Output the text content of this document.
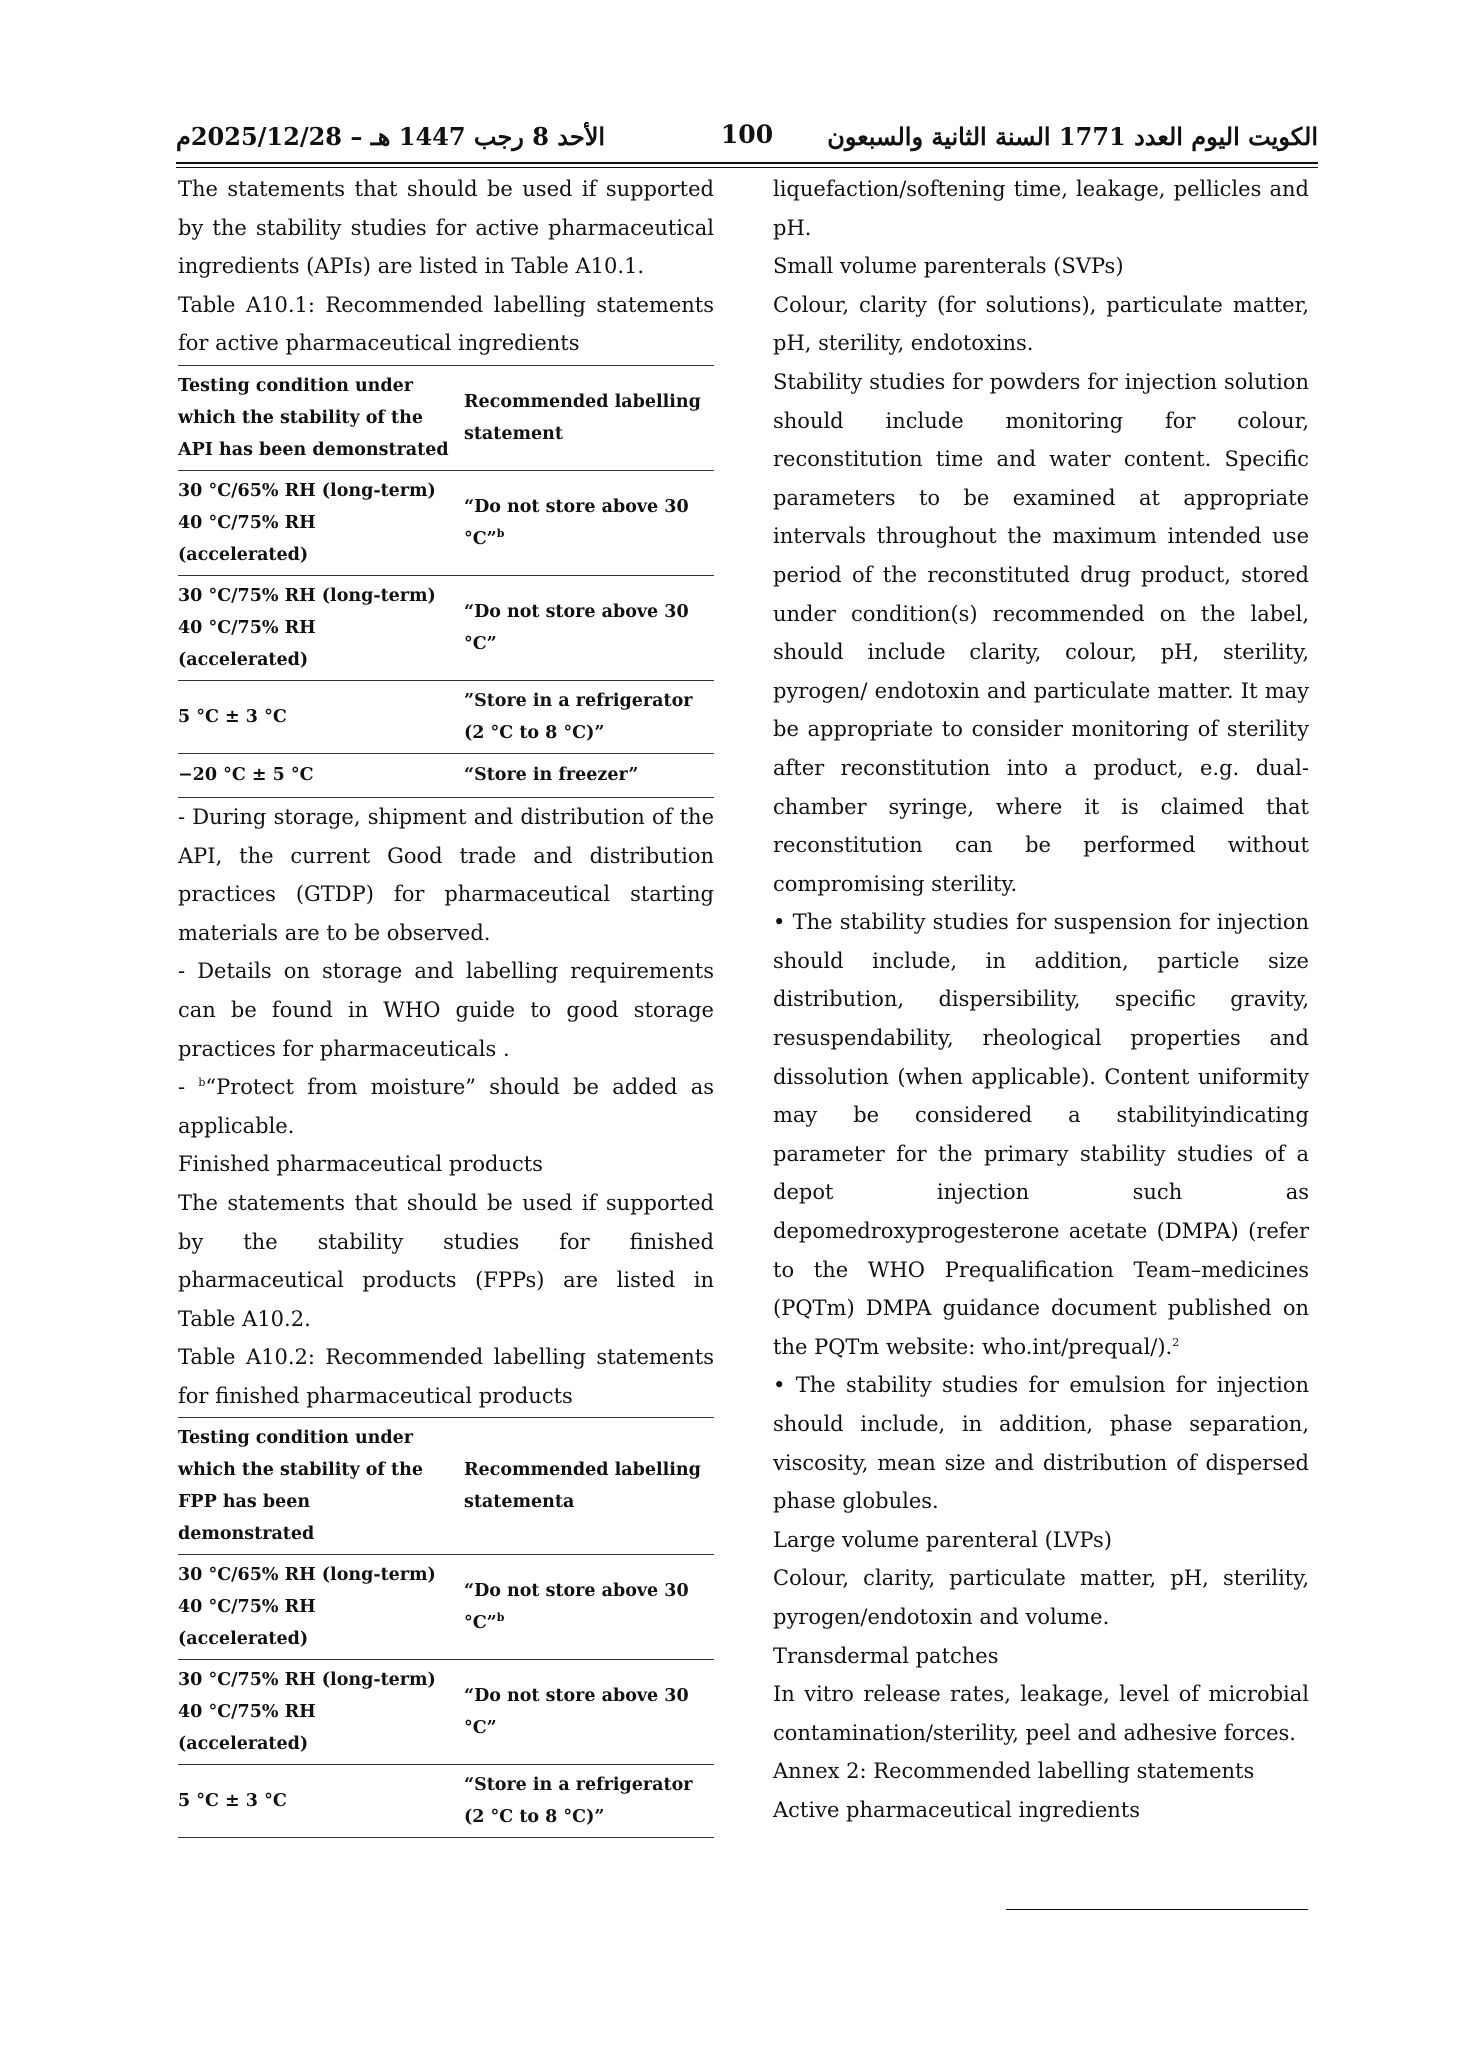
الكويت اليوم العدد 1771 السنة الثانية والسبعون
100
الأحد 8 رجب 1447 هـ – 2025/12/28م

The statements that should be used if supported by the stability studies for active pharmaceutical ingredients (APIs) are listed in Table A10.1.

Table A10.1: Recommended labelling statements for active pharmaceutical ingredients

Testing condition under which the stability of the API has been demonstrated	Recommended labelling statement
30 °C/65% RH (long-term) 40 °C/75% RH (accelerated)	“Do not store above 30 °C”$^b$
30 °C/75% RH (long-term) 40 °C/75% RH (accelerated)	“Do not store above 30 °C”
5 °C ± 3 °C	”Store in a refrigerator (2 °C to 8 °C)”
−20 °C ± 5 °C	“Store in freezer”

- During storage, shipment and distribution of the API, the current Good trade and distribution practices (GTDP) for pharmaceutical starting materials are to be observed.

- Details on storage and labelling requirements can be found in WHO guide to good storage practices for pharmaceuticals .

- $^b$“Protect from moisture” should be added as applicable.

Finished pharmaceutical products

The statements that should be used if supported by the stability studies for finished pharmaceutical products (FPPs) are listed in Table A10.2.

Table A10.2: Recommended labelling statements for finished pharmaceutical products

Testing condition under which the stability of the FPP has been demonstrated	Recommended labelling statementa
30 °C/65% RH (long-term) 40 °C/75% RH (accelerated)	“Do not store above 30 °C”$^b$
30 °C/75% RH (long-term) 40 °C/75% RH (accelerated)	“Do not store above 30 °C”
5 °C ± 3 °C	“Store in a refrigerator (2 °C to 8 °C)”

liquefaction/softening time, leakage, pellicles and pH.

Small volume parenterals (SVPs)

Colour, clarity (for solutions), particulate matter, pH, sterility, endotoxins.

Stability studies for powders for injection solution should include monitoring for colour, reconstitution time and water content. Specific parameters to be examined at appropriate intervals throughout the maximum intended use period of the reconstituted drug product, stored under condition(s) recommended on the label, should include clarity, colour, pH, sterility, pyrogen/ endotoxin and particulate matter. It may be appropriate to consider monitoring of sterility after reconstitution into a product, e.g. dual-chamber syringe, where it is claimed that reconstitution can be performed without compromising sterility.

• The stability studies for suspension for injection should include, in addition, particle size distribution, dispersibility, specific gravity, resuspendability, rheological properties and dissolution (when applicable). Content uniformity may be considered a stabilityindicating parameter for the primary stability studies of a depot injection such as depomedroxyprogesterone acetate (DMPA) (refer to the WHO Prequalification Team–medicines (PQTm) DMPA guidance document published on the PQTm website: who.int/prequal/).$^2$

• The stability studies for emulsion for injection should include, in addition, phase separation, viscosity, mean size and distribution of dispersed phase globules.

Large volume parenteral (LVPs)

Colour, clarity, particulate matter, pH, sterility, pyrogen/endotoxin and volume.

Transdermal patches

In vitro release rates, leakage, level of microbial contamination/sterility, peel and adhesive forces.

Annex 2: Recommended labelling statements

Active pharmaceutical ingredients
